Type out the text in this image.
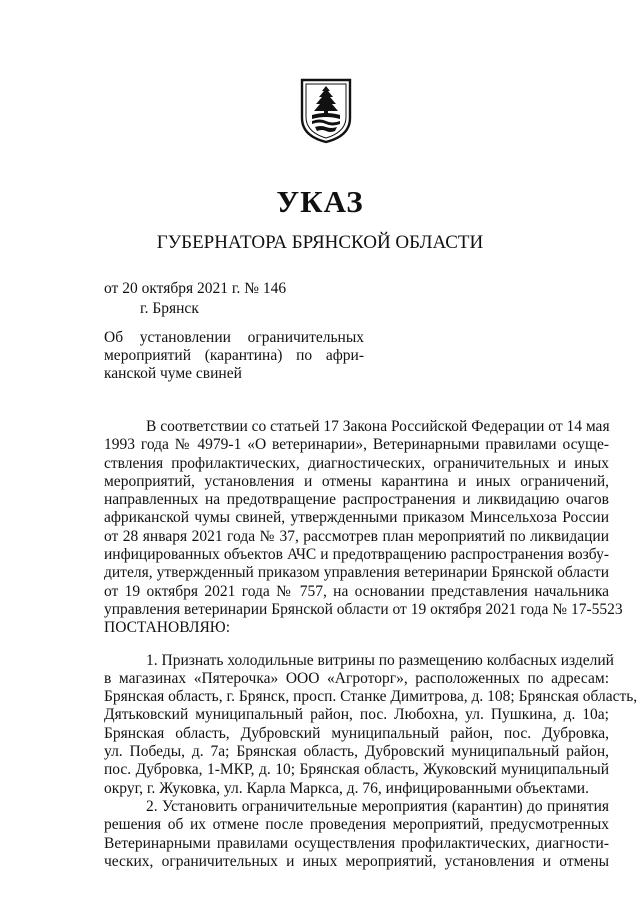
УКАЗ
ГУБЕРНАТОРА БРЯНСКОЙ ОБЛАСТИ
от 20 октября 2021 г. № 146
г. Брянск
Об установлении ограничительных
мероприятий (карантина) по афри-
канской чуме свиней

В соответствии со статьей 17 Закона Российской Федерации от 14 мая
1993 года № 4979-1 «О ветеринарии», Ветеринарными правилами осуще-
ствления профилактических, диагностических, ограничительных и иных
мероприятий, установления и отмены карантина и иных ограничений,
направленных на предотвращение распространения и ликвидацию очагов
африканской чумы свиней, утвержденными приказом Минсельхоза России
от 28 января 2021 года № 37, рассмотрев план мероприятий по ликвидации
инфицированных объектов АЧС и предотвращению распространения возбу-
дителя, утвержденный приказом управления ветеринарии Брянской области
от 19 октября 2021 года № 757, на основании представления начальника
управления ветеринарии Брянской области от 19 октября 2021 года № 17-5523

ПОСТАНОВЛЯЮ:

1. Признать холодильные витрины по размещению колбасных изделий
в магазинах «Пятерочка» ООО «Агроторг», расположенных по адресам:
Брянская область, г. Брянск, просп. Станке Димитрова, д. 108; Брянская область,
Дятьковский муниципальный район, пос. Любохна, ул. Пушкина, д. 10а;
Брянская область, Дубровский муниципальный район, пос. Дубровка,
ул. Победы, д. 7а; Брянская область, Дубровский муниципальный район,
пос. Дубровка, 1-МКР, д. 10; Брянская область, Жуковский муниципальный
округ, г. Жуковка, ул. Карла Маркса, д. 76, инфицированными объектами.

2. Установить ограничительные мероприятия (карантин) до принятия
решения об их отмене после проведения мероприятий, предусмотренных
Ветеринарными правилами осуществления профилактических, диагности-
ческих, ограничительных и иных мероприятий, установления и отмены
